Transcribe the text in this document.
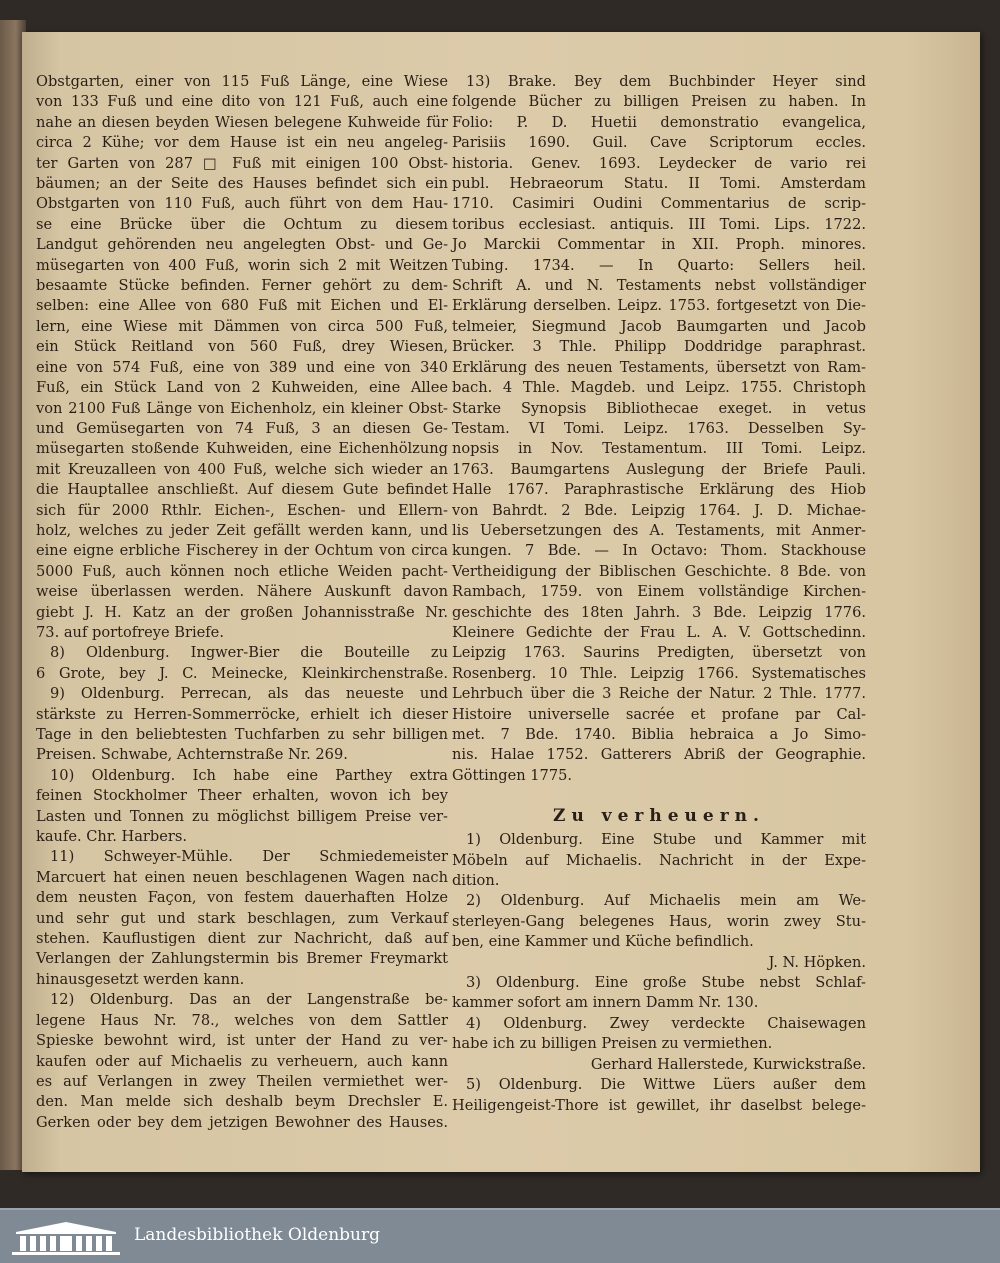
Obstgarten, einer von 115 Fuß Länge, eine Wiese
von 133 Fuß und eine dito von 121 Fuß, auch eine
nahe an diesen beyden Wiesen belegene Kuhweide für
circa 2 Kühe; vor dem Hause ist ein neu angeleg-
ter Garten von 287 □ Fuß mit einigen 100 Obst-
bäumen; an der Seite des Hauses befindet sich ein
Obstgarten von 110 Fuß, auch führt von dem Hau-
se eine Brücke über die Ochtum zu diesem
Landgut gehörenden neu angelegten Obst- und Ge-
müsegarten von 400 Fuß, worin sich 2 mit Weitzen
besaamte Stücke befinden. Ferner gehört zu dem-
selben: eine Allee von 680 Fuß mit Eichen und El-
lern, eine Wiese mit Dämmen von circa 500 Fuß,
ein Stück Reitland von 560 Fuß, drey Wiesen,
eine von 574 Fuß, eine von 389 und eine von 340
Fuß, ein Stück Land von 2 Kuhweiden, eine Allee
von 2100 Fuß Länge von Eichenholz, ein kleiner Obst-
und Gemüsegarten von 74 Fuß, 3 an diesen Ge-
müsegarten stoßende Kuhweiden, eine Eichenhölzung
mit Kreuzalleen von 400 Fuß, welche sich wieder an
die Hauptallee anschließt. Auf diesem Gute befindet
sich für 2000 Rthlr. Eichen-, Eschen- und Ellern-
holz, welches zu jeder Zeit gefällt werden kann, und
eine eigne erbliche Fischerey in der Ochtum von circa
5000 Fuß, auch können noch etliche Weiden pacht-
weise überlassen werden. Nähere Auskunft davon
giebt J. H. Katz an der großen Johannisstraße Nr.
73. auf portofreye Briefe.
8) Oldenburg. Ingwer-Bier die Bouteille zu
6 Grote, bey J. C. Meinecke, Kleinkirchenstraße.
9) Oldenburg. Perrecan, als das neueste und
stärkste zu Herren-Sommerröcke, erhielt ich dieser
Tage in den beliebtesten Tuchfarben zu sehr billigen
Preisen. Schwabe, Achternstraße Nr. 269.
10) Oldenburg. Ich habe eine Parthey extra
feinen Stockholmer Theer erhalten, wovon ich bey
Lasten und Tonnen zu möglichst billigem Preise ver-
kaufe. Chr. Harbers.
11) Schweyer-Mühle. Der Schmiedemeister
Marcuert hat einen neuen beschlagenen Wagen nach
dem neusten Façon, von festem dauerhaften Holze
und sehr gut und stark beschlagen, zum Verkauf
stehen. Kauflustigen dient zur Nachricht, daß auf
Verlangen der Zahlungstermin bis Bremer Freymarkt
hinausgesetzt werden kann.
12) Oldenburg. Das an der Langenstraße be-
legene Haus Nr. 78., welches von dem Sattler
Spieske bewohnt wird, ist unter der Hand zu ver-
kaufen oder auf Michaelis zu verheuern, auch kann
es auf Verlangen in zwey Theilen vermiethet wer-
den. Man melde sich deshalb beym Drechsler E.
Gerken oder bey dem jetzigen Bewohner des Hauses.
13) Brake. Bey dem Buchbinder Heyer sind
folgende Bücher zu billigen Preisen zu haben. In
Folio: P. D. Huetii demonstratio evangelica,
Parisiis 1690. Guil. Cave Scriptorum eccles.
historia. Genev. 1693. Leydecker de vario rei
publ. Hebraeorum Statu. II Tomi. Amsterdam
1710. Casimiri Oudini Commentarius de scrip-
toribus ecclesiast. antiquis. III Tomi. Lips. 1722.
Jo Marckii Commentar in XII. Proph. minores.
Tubing. 1734. — In Quarto: Sellers heil.
Schrift A. und N. Testaments nebst vollständiger
Erklärung derselben. Leipz. 1753. fortgesetzt von Die-
telmeier, Siegmund Jacob Baumgarten und Jacob
Brücker. 3 Thle. Philipp Doddridge paraphrast.
Erklärung des neuen Testaments, übersetzt von Ram-
bach. 4 Thle. Magdeb. und Leipz. 1755. Christoph
Starke Synopsis Bibliothecae exeget. in vetus
Testam. VI Tomi. Leipz. 1763. Desselben Sy-
nopsis in Nov. Testamentum. III Tomi. Leipz.
1763. Baumgartens Auslegung der Briefe Pauli.
Halle 1767. Paraphrastische Erklärung des Hiob
von Bahrdt. 2 Bde. Leipzig 1764. J. D. Michae-
lis Uebersetzungen des A. Testaments, mit Anmer-
kungen. 7 Bde. — In Octavo: Thom. Stackhouse
Vertheidigung der Biblischen Geschichte. 8 Bde. von
Rambach, 1759. von Einem vollständige Kirchen-
geschichte des 18ten Jahrh. 3 Bde. Leipzig 1776.
Kleinere Gedichte der Frau L. A. V. Gottschedinn.
Leipzig 1763. Saurins Predigten, übersetzt von
Rosenberg. 10 Thle. Leipzig 1766. Systematisches
Lehrbuch über die 3 Reiche der Natur. 2 Thle. 1777.
Histoire universelle sacrée et profane par Cal-
met. 7 Bde. 1740. Biblia hebraica a Jo Simo-
nis. Halae 1752. Gatterers Abriß der Geographie.
Göttingen 1775.
Zu verheuern.
1) Oldenburg. Eine Stube und Kammer mit
Möbeln auf Michaelis. Nachricht in der Expe-
dition.
2) Oldenburg. Auf Michaelis mein am We-
sterleyen-Gang belegenes Haus, worin zwey Stu-
ben, eine Kammer und Küche befindlich.
J. N. Höpken.
3) Oldenburg. Eine große Stube nebst Schlaf-
kammer sofort am innern Damm Nr. 130.
4) Oldenburg. Zwey verdeckte Chaisewagen
habe ich zu billigen Preisen zu vermiethen.
Gerhard Hallerstede, Kurwickstraße.
5) Oldenburg. Die Wittwe Lüers außer dem
Heiligengeist-Thore ist gewillet, ihr daselbst belege-
Landesbibliothek Oldenburg
